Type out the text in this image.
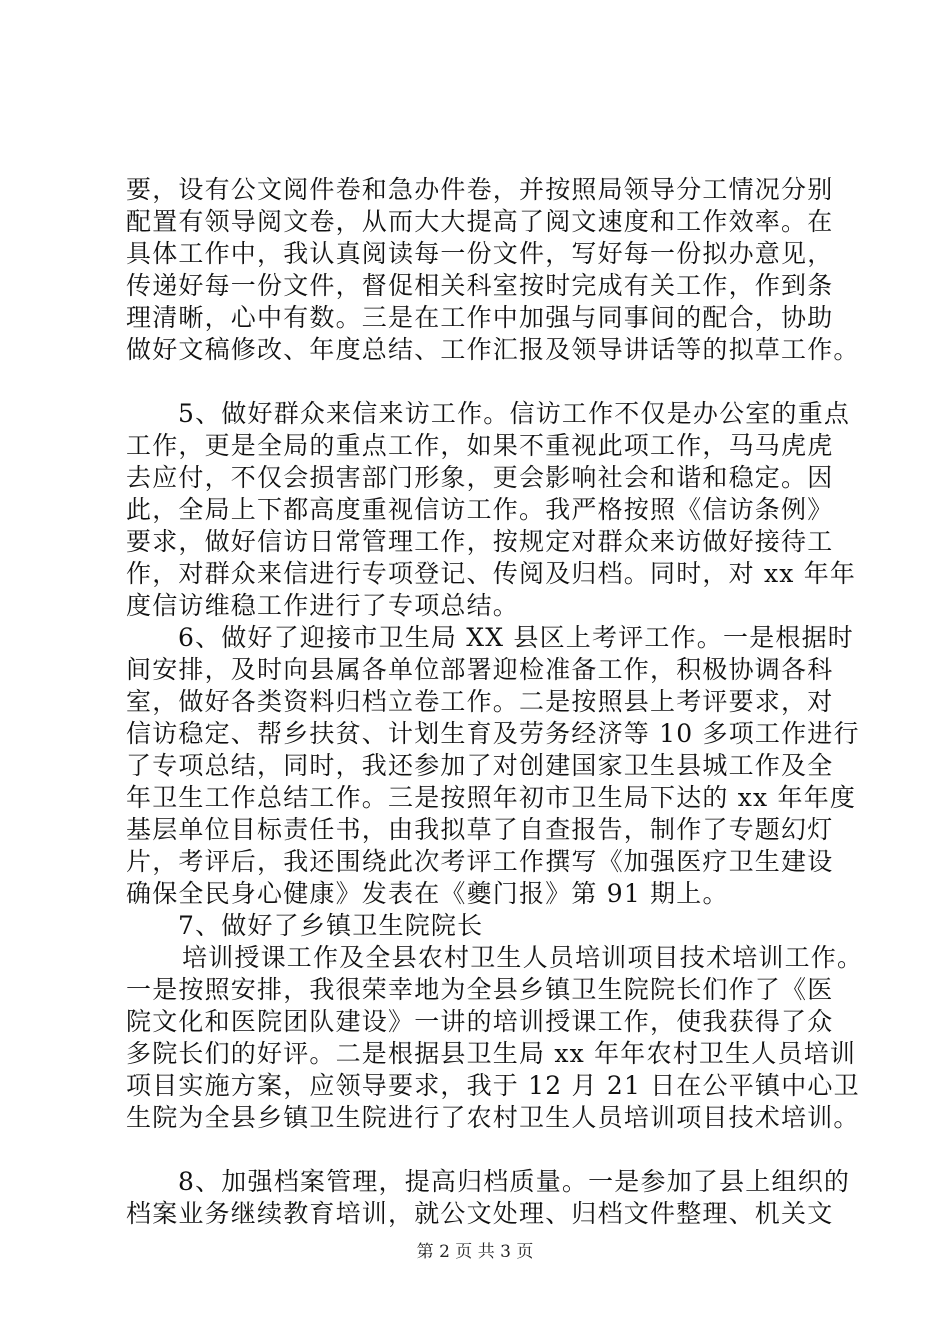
要，设有公文阅件卷和急办件卷，并按照局领导分工情况分别
配置有领导阅文卷，从而大大提高了阅文速度和工作效率。在
具体工作中，我认真阅读每一份文件，写好每一份拟办意见，
传递好每一份文件，督促相关科室按时完成有关工作，作到条
理清晰，心中有数。三是在工作中加强与同事间的配合，协助
做好文稿修改、年度总结、工作汇报及领导讲话等的拟草工作。
5、做好群众来信来访工作。信访工作不仅是办公室的重点
工作，更是全局的重点工作，如果不重视此项工作，马马虎虎
去应付，不仅会损害部门形象，更会影响社会和谐和稳定。因
此，全局上下都高度重视信访工作。我严格按照《信访条例》
要求，做好信访日常管理工作，按规定对群众来访做好接待工
作，对群众来信进行专项登记、传阅及归档。同时，对 xx 年年
度信访维稳工作进行了专项总结。
6、做好了迎接市卫生局 XX 县区上考评工作。一是根据时
间安排，及时向县属各单位部署迎检准备工作，积极协调各科
室，做好各类资料归档立卷工作。二是按照县上考评要求，对
信访稳定、帮乡扶贫、计划生育及劳务经济等 10 多项工作进行
了专项总结，同时，我还参加了对创建国家卫生县城工作及全
年卫生工作总结工作。三是按照年初市卫生局下达的 xx 年年度
基层单位目标责任书，由我拟草了自查报告，制作了专题幻灯
片，考评后，我还围绕此次考评工作撰写《加强医疗卫生建设
确保全民身心健康》发表在《夔门报》第 91 期上。
7、做好了乡镇卫生院院长
培训授课工作及全县农村卫生人员培训项目技术培训工作。
一是按照安排，我很荣幸地为全县乡镇卫生院院长们作了《医
院文化和医院团队建设》一讲的培训授课工作，使我获得了众
多院长们的好评。二是根据县卫生局 xx 年年农村卫生人员培训
项目实施方案，应领导要求，我于 12 月 21 日在公平镇中心卫
生院为全县乡镇卫生院进行了农村卫生人员培训项目技术培训。
8、加强档案管理，提高归档质量。一是参加了县上组织的
档案业务继续教育培训，就公文处理、归档文件整理、机关文
第 2 页 共 3 页
